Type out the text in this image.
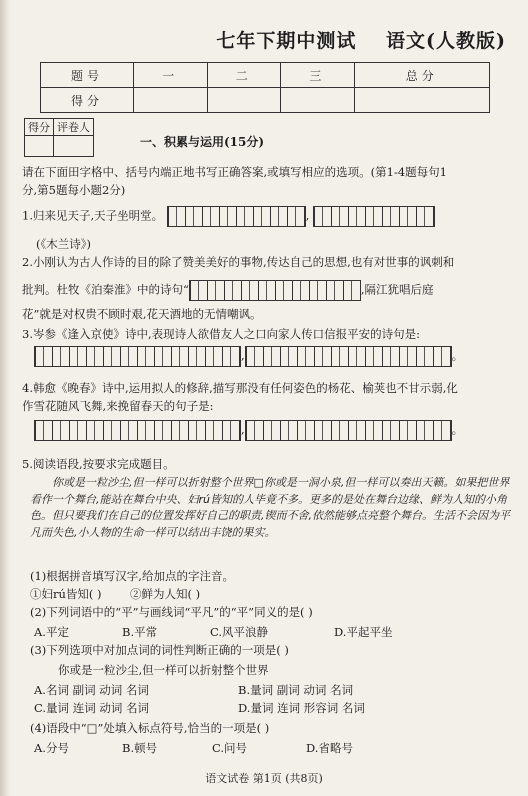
七年下期中测试 语文(人教版)
题号	一	二	三	总分
得分				
得分	评卷人

一、积累与运用(15分)
请在下面田字格中、括号内端正地书写正确答案,或填写相应的选项。(第1-4题每句1
分,第5题每小题2分)
1.归来见天子,天子坐明堂。	,
(《木兰诗》)
2.小刚认为古人作诗的目的除了赞美美好的事物,传达自己的思想,也有对世事的讽刺和
批判。杜牧《泊秦淮》中的诗句“	,隔江犹唱后庭
花”就是对权贵不顾时艰,花天酒地的无情嘲讽。
3.岑参《逢入京使》诗中,表现诗人欲借友人之口向家人传口信报平安的诗句是:
,	。
4.韩愈《晚春》诗中,运用拟人的修辞,描写那没有任何姿色的杨花、榆荚也不甘示弱,化
作雪花随风飞舞,来挽留春天的句子是:
,	。
5.阅读语段,按要求完成题目。
你或是一粒沙尘,但一样可以折射整个世界□你或是一洞小泉,但一样可以奏出天籁。如果把世界看作一个舞台,能站在舞台中央、妇rú皆知的人毕竟不多。更多的是处在舞台边缘、鲜为人知的小角色。但只要我们在自己的位置发挥好自己的职责,锲而不舍,依然能够点亮整个舞台。生活不会因为平凡而失色,小人物的生命一样可以结出丰饶的果实。
(1)根据拼音填写汉字,给加点的字注音。
①妇rú皆知( ) ②鲜为人知( )
(2)下列词语中的“平”与画线词“平凡”的“平”同义的是( )
A.平定	B.平常	C.风平浪静	D.平起平坐
(3)下列选项中对加点词的词性判断正确的一项是( )
你或是一粒沙尘,但一样可以折射整个世界
A.名词 副词 动词 名词	B.量词 副词 动词 名词
C.量词 连词 动词 名词	D.量词 连词 形容词 名词
(4)语段中“□”处填入标点符号,恰当的一项是( )
A.分号	B.顿号	C.问号	D.省略号
语文试卷 第1页 (共8页)
